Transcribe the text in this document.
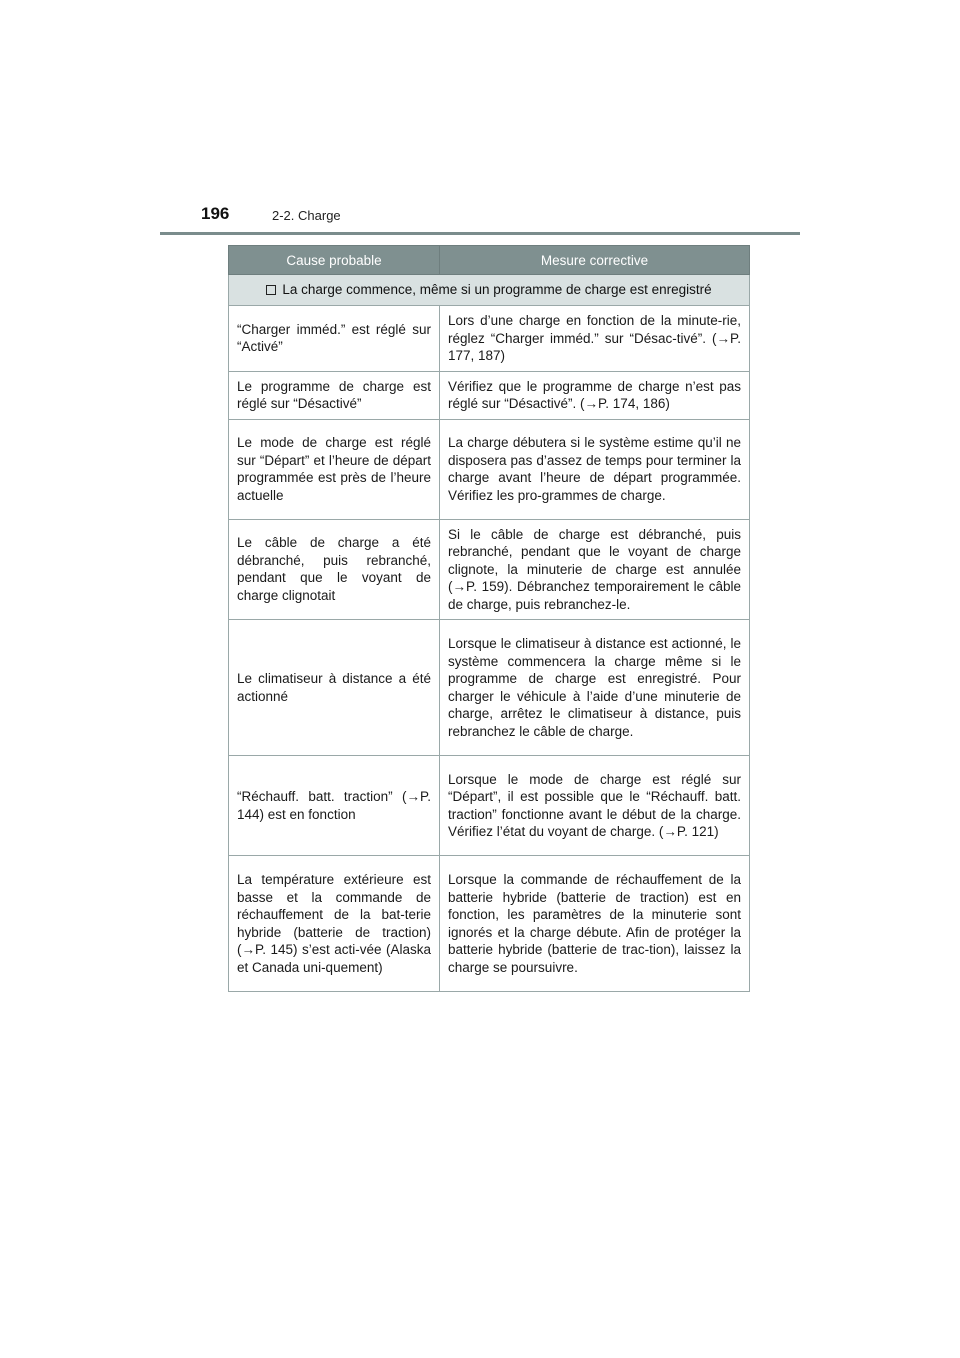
196	2-2. Charge
Cause probable	Mesure corrective
La charge commence, même si un programme de charge est enregistré	
“Charger imméd.” est réglé sur “Activé”	Lors d’une charge en fonction de la minute-rie, réglez “Charger imméd.” sur “Désac-tivé”. (→P. 177, 187)
Le programme de charge est réglé sur “Désactivé”	Vérifiez que le programme de charge n’est pas réglé sur “Désactivé”. (→P. 174, 186)
Le mode de charge est réglé sur “Départ” et l’heure de départ programmée est près de l’heure actuelle	La charge débutera si le système estime qu’il ne disposera pas d’assez de temps pour terminer la charge avant l’heure de départ programmée. Vérifiez les pro-grammes de charge.
Le câble de charge a été débranché, puis rebranché, pendant que le voyant de charge clignotait	Si le câble de charge est débranché, puis rebranché, pendant que le voyant de charge clignote, la minuterie de charge est annulée (→P. 159). Débranchez temporairement le câble de charge, puis rebranchez-le.
Le climatiseur à distance a été actionné	Lorsque le climatiseur à distance est actionné, le système commencera la charge même si le programme de charge est enregistré. Pour charger le véhicule à l’aide d’une minuterie de charge, arrêtez le climatiseur à distance, puis rebranchez le câble de charge.
“Réchauff. batt. traction” (→P. 144) est en fonction	Lorsque le mode de charge est réglé sur “Départ”, il est possible que le “Réchauff. batt. traction” fonctionne avant le début de la charge. Vérifiez l’état du voyant de charge. (→P. 121)
La température extérieure est basse et la commande de réchauffement de la bat-terie hybride (batterie de traction) (→P. 145) s’est acti-vée (Alaska et Canada uni-quement)	Lorsque la commande de réchauffement de la batterie hybride (batterie de traction) est en fonction, les paramètres de la minuterie sont ignorés et la charge débute. Afin de protéger la batterie hybride (batterie de trac-tion), laissez la charge se poursuivre.
